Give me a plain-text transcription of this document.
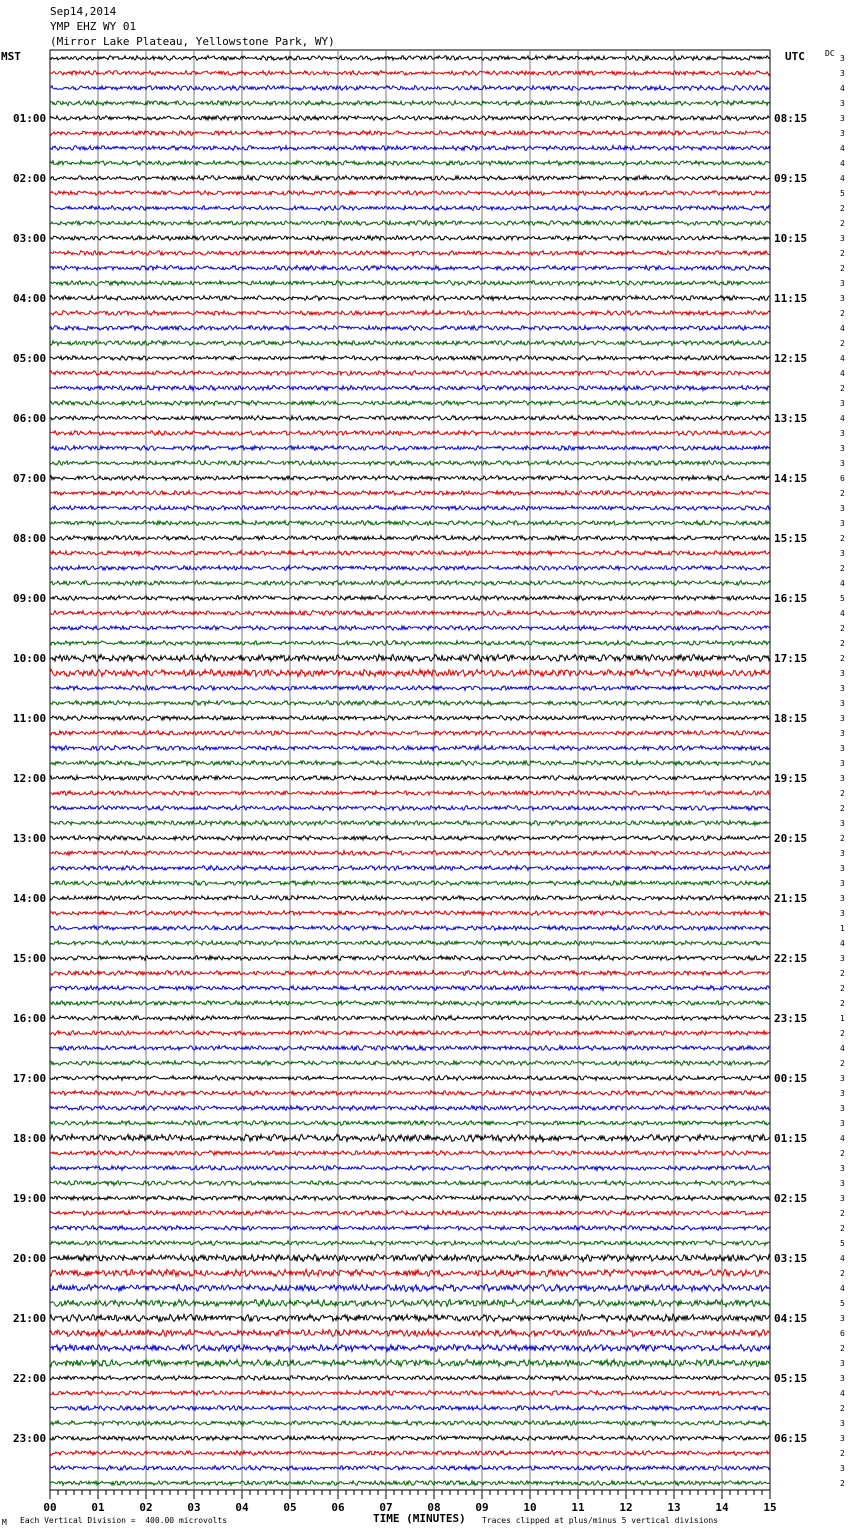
Sep14,2014
YMP EHZ WY 01
(Mirror Lake Plateau, Yellowstone Park, WY)
MST	UTC	DC
3
3
4
3
3
3
4
4
4
5
2
2
3
2
2
3
3
2
4
2
4
4
2
3
4
3
3
3
6
2
3
3
2
3
2
4
5
4
2
2
2
3
3
3
3
3
3
3
3
2
2
3
2
3
3
3
3
3
1
4
3
2
2
2
1
2
4
2
3
3
3
3
4
2
3
3
3
2
2
5
4
2
4
5
3
6
2
3
3
4
2
3
3
2
3
2
01:00	08:15
02:00	09:15
03:00	10:15
04:00	11:15
05:00	12:15
06:00	13:15
07:00	14:15
08:00	15:15
09:00	16:15
10:00	17:15
11:00	18:15
12:00	19:15
13:00	20:15
14:00	21:15
15:00	22:15
16:00	23:15
17:00	00:15
18:00	01:15
19:00	02:15
20:00	03:15
21:00	04:15
22:00	05:15
23:00	06:15
00	01	02	03	04	05	06	07	08	09	10	11	12	13	14	15
M Each Vertical Division =  400.00 microvolts	TIME (MINUTES) Traces clipped at plus/minus 5 vertical divisions
